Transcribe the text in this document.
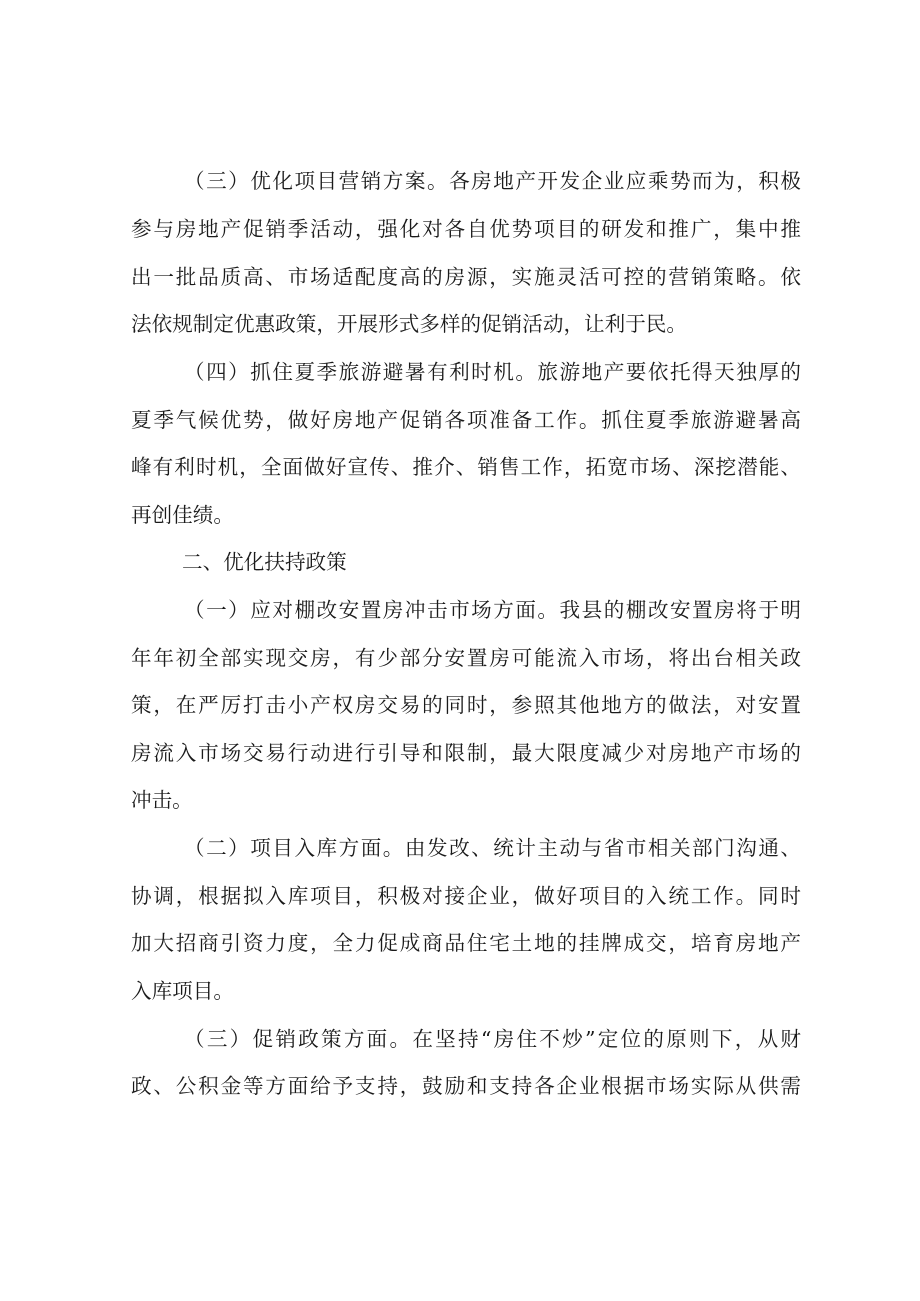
（三）优化项目营销方案。各房地产开发企业应乘势而为，积极
参与房地产促销季活动，强化对各自优势项目的研发和推广，集中推
出一批品质高、市场适配度高的房源，实施灵活可控的营销策略。依
法依规制定优惠政策，开展形式多样的促销活动，让利于民。
（四）抓住夏季旅游避暑有利时机。旅游地产要依托得天独厚的
夏季气候优势，做好房地产促销各项准备工作。抓住夏季旅游避暑高
峰有利时机，全面做好宣传、推介、销售工作，拓宽市场、深挖潜能、
再创佳绩。
二、优化扶持政策
（一）应对棚改安置房冲击市场方面。我县的棚改安置房将于明
年年初全部实现交房，有少部分安置房可能流入市场，将出台相关政
策，在严厉打击小产权房交易的同时，参照其他地方的做法，对安置
房流入市场交易行动进行引导和限制，最大限度减少对房地产市场的
冲击。
（二）项目入库方面。由发改、统计主动与省市相关部门沟通、
协调，根据拟入库项目，积极对接企业，做好项目的入统工作。同时
加大招商引资力度，全力促成商品住宅土地的挂牌成交，培育房地产
入库项目。
（三）促销政策方面。在坚持“房住不炒”定位的原则下，从财
政、公积金等方面给予支持，鼓励和支持各企业根据市场实际从供需
